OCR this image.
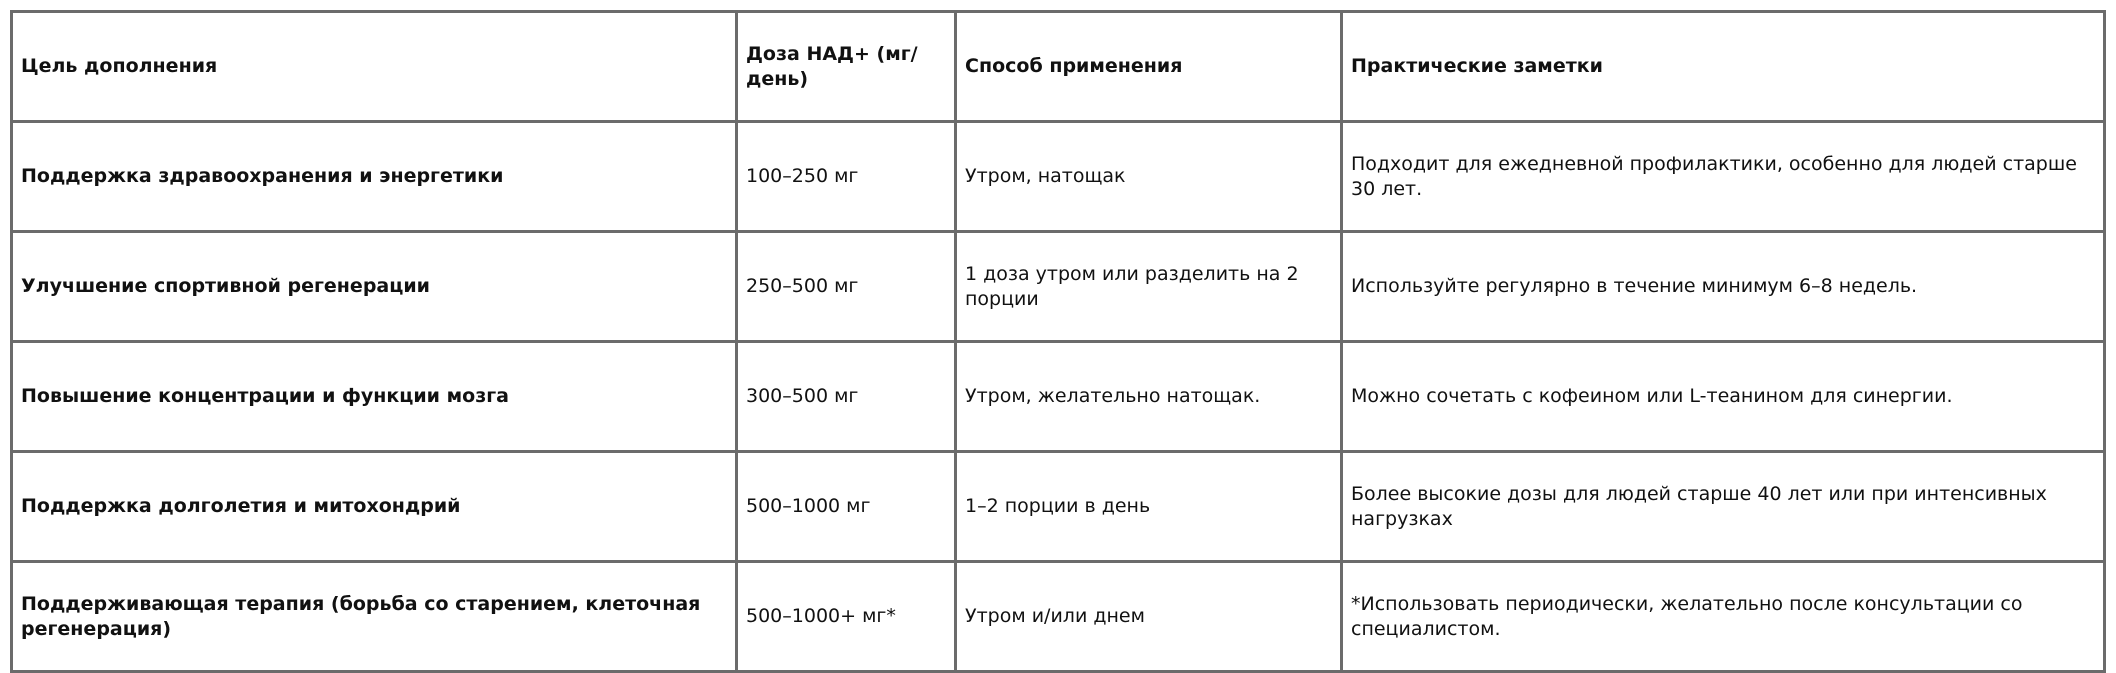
Цель дополнения	Доза НАД+ (мг/день)	Способ применения	Практические заметки
Поддержка здравоохранения и энергетики	100–250 мг	Утром, натощак	Подходит для ежедневной профилактики, особенно для людей старше 30 лет.
Улучшение спортивной регенерации	250–500 мг	1 доза утром или разделить на 2 порции	Используйте регулярно в течение минимум 6–8 недель.
Повышение концентрации и функции мозга	300–500 мг	Утром, желательно натощак.	Можно сочетать с кофеином или L-теанином для синергии.
Поддержка долголетия и митохондрий	500–1000 мг	1–2 порции в день	Более высокие дозы для людей старше 40 лет или при интенсивных нагрузках
Поддерживающая терапия (борьба со старением, клеточная регенерация)	500–1000+ мг*	Утром и/или днем	*Использовать периодически, желательно после консультации со специалистом.
